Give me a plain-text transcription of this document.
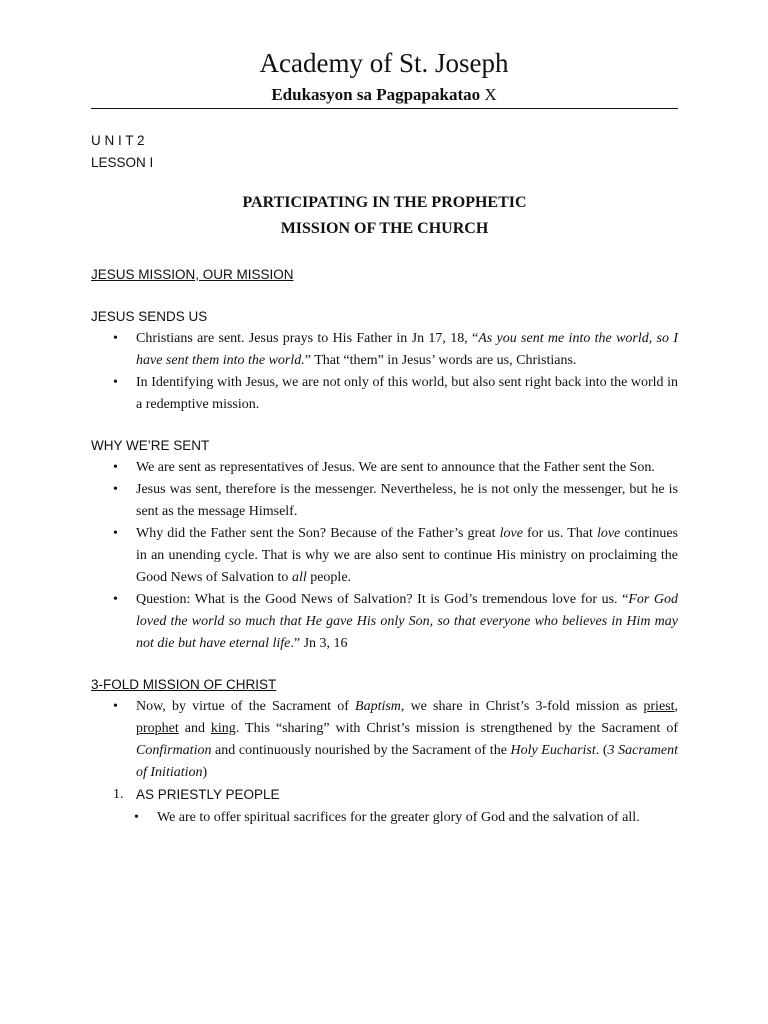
Academy of St. Joseph
Edukasyon sa Pagpapakatao X
U N I T 2
LESSON I
PARTICIPATING IN THE PROPHETIC
MISSION OF THE CHURCH
JESUS MISSION, OUR MISSION
JESUS SENDS US
• Christians are sent. Jesus prays to His Father in Jn 17, 18, “As you sent me into the world, so I have sent them into the world.” That “them” in Jesus’ words are us, Christians.
• In Identifying with Jesus, we are not only of this world, but also sent right back into the world in a redemptive mission.
WHY WE’RE SENT
• We are sent as representatives of Jesus. We are sent to announce that the Father sent the Son.
• Jesus was sent, therefore is the messenger. Nevertheless, he is not only the messenger, but he is sent as the message Himself.
• Why did the Father sent the Son? Because of the Father’s great love for us. That love continues in an unending cycle. That is why we are also sent to continue His ministry on proclaiming the Good News of Salvation to all people.
• Question: What is the Good News of Salvation? It is God’s tremendous love for us. “For God loved the world so much that He gave His only Son, so that everyone who believes in Him may not die but have eternal life.” Jn 3, 16
3-FOLD MISSION OF CHRIST
• Now, by virtue of the Sacrament of Baptism, we share in Christ’s 3-fold mission as priest, prophet and king. This “sharing” with Christ’s mission is strengthened by the Sacrament of Confirmation and continuously nourished by the Sacrament of the Holy Eucharist. (3 Sacrament of Initiation)
1. AS PRIESTLY PEOPLE
• We are to offer spiritual sacrifices for the greater glory of God and the salvation of all.
